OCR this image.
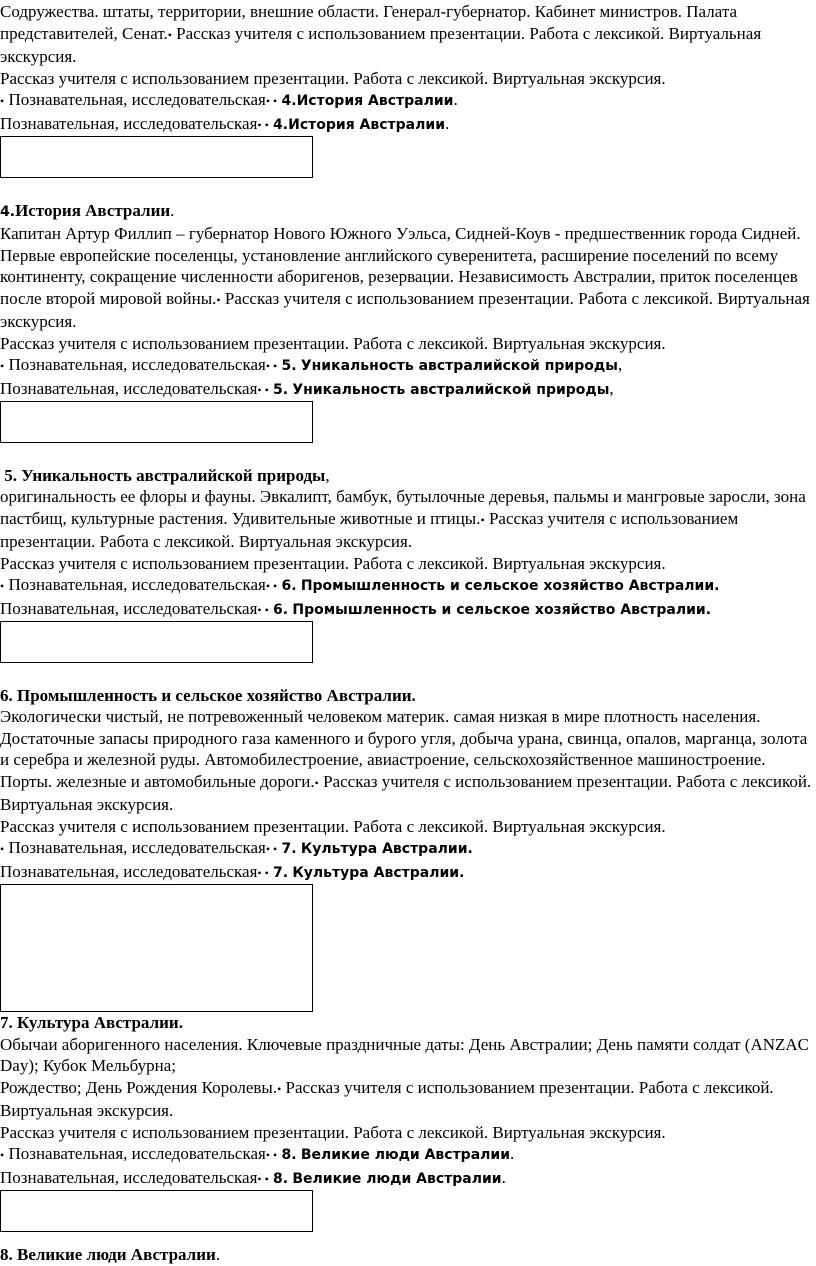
Содружества. штаты, территории, внешние области. Генерал-губернатор. Кабинет министров. Палата представителей, Сенат.• Рассказ учителя с использованием презентации. Работа с лексикой. Виртуальная экскурсия.

Рассказ учителя с использованием презентации. Работа с лексикой. Виртуальная экскурсия.

• Познавательная, исследовательская• • 4.История Австралии.

Познавательная, исследовательская• • 4.История Австралии.

4.История Австралии.

Капитан Артур Филлип – губернатор Нового Южного Уэльса, Сидней-Коув - предшественник города Сидней. Первые европейские поселенцы, установление английского суверенитета, расширение поселений по всему континенту, сокращение численности аборигенов, резервации. Независимость Австралии, приток поселенцев после второй мировой войны.• Рассказ учителя с использованием презентации. Работа с лексикой. Виртуальная экскурсия.

Рассказ учителя с использованием презентации. Работа с лексикой. Виртуальная экскурсия.

• Познавательная, исследовательская• • 5. Уникальность австралийской природы,

Познавательная, исследовательская• • 5. Уникальность австралийской природы,

5. Уникальность австралийской природы,

оригинальность ее флоры и фауны. Эвкалипт, бамбук, бутылочные деревья, пальмы и мангровые заросли, зона пастбищ, культурные растения. Удивительные животные и птицы.• Рассказ учителя с использованием презентации. Работа с лексикой. Виртуальная экскурсия.

Рассказ учителя с использованием презентации. Работа с лексикой. Виртуальная экскурсия.

• Познавательная, исследовательская• • 6. Промышленность и сельское хозяйство Австралии.

Познавательная, исследовательская• • 6. Промышленность и сельское хозяйство Австралии.

6. Промышленность и сельское хозяйство Австралии.

Экологически чистый, не потревоженный человеком материк. самая низкая в мире плотность населения. Достаточные запасы природного газа каменного и бурого угля, добыча урана, свинца, опалов, марганца, золота и серебра и железной руды. Автомобилестроение, авиастроение, сельскохозяйственное машиностроение. Порты. железные и автомобильные дороги.• Рассказ учителя с использованием презентации. Работа с лексикой. Виртуальная экскурсия.

Рассказ учителя с использованием презентации. Работа с лексикой. Виртуальная экскурсия.

• Познавательная, исследовательская• • 7. Культура Австралии.

Познавательная, исследовательская• • 7. Культура Австралии.

7. Культура Австралии.

Обычаи аборигенного населения. Ключевые праздничные даты: День Австралии; День памяти солдат (ANZAC Day); Кубок Мельбурна;

Рождество; День Рождения Королевы.• Рассказ учителя с использованием презентации. Работа с лексикой. Виртуальная экскурсия.

Рассказ учителя с использованием презентации. Работа с лексикой. Виртуальная экскурсия.

• Познавательная, исследовательская• • 8. Великие люди Австралии.

Познавательная, исследовательская• • 8. Великие люди Австралии.

8. Великие люди Австралии.
